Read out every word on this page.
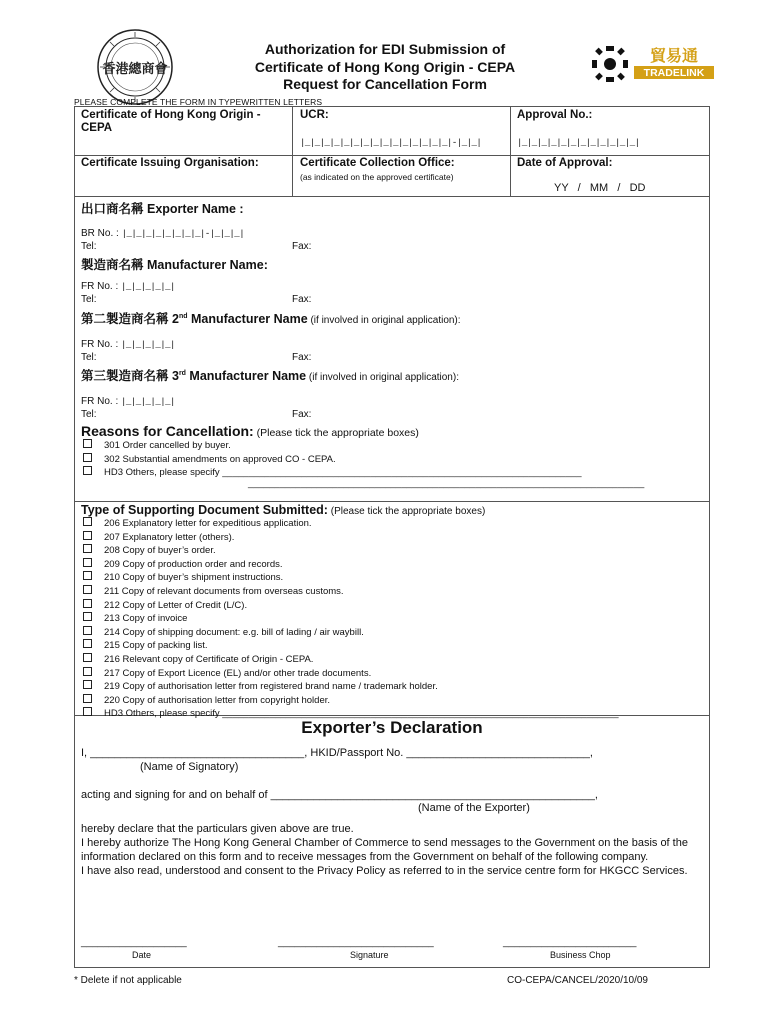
香港總商會
貿易通
TRADELINK
Authorization for EDI Submission of
Certificate of Hong Kong Origin - CEPA
Request for Cancellation Form
PLEASE COMPLETE THE FORM IN TYPEWRITTEN LETTERS
Certificate of Hong Kong Origin - CEPA
UCR:
|_|_|_|_|_|_|_|_|_|_|_|_|_|_|_|-|_|_|
Approval No.:
|_|_|_|_|_|_|_|_|_|_|_|_|
Certificate Issuing Organisation:	Certificate Collection Office:
(as indicated on the approved certificate)
Date of Approval:
YY   /   MM   /   DD
出口商名稱 Exporter Name :
BR No. : |_|_|_|_|_|_|_|_|-|_|_|_|
Tel:	Fax:
製造商名稱 Manufacturer Name:
FR No. : |_|_|_|_|_|
Tel:	Fax:
第二製造商名稱 2nd Manufacturer Name (if involved in original application):
FR No. : |_|_|_|_|_|
Tel:	Fax:
第三製造商名稱 3rd Manufacturer Name (if involved in original application):
FR No. : |_|_|_|_|_|
Tel:	Fax:
Reasons for Cancellation: (Please tick the appropriate boxes)
301 Order cancelled by buyer.
302 Substantial amendments on approved CO - CEPA.
HD3 Others, please specify ____________________________________________________________________
___________________________________________________________________________
Type of Supporting Document Submitted: (Please tick the appropriate boxes)
206 Explanatory letter for expeditious application.
207 Explanatory letter (others).
208 Copy of buyer’s order.
209 Copy of production order and records.
210 Copy of buyer’s shipment instructions.
211 Copy of relevant documents from overseas customs.
212 Copy of Letter of Credit (L/C).
213 Copy of invoice
214 Copy of shipping document: e.g. bill of lading / air waybill.
215 Copy of packing list.
216 Relevant copy of Certificate of Origin - CEPA.
217 Copy of Export Licence (EL) and/or other trade documents.
219 Copy of authorisation letter from registered brand name / trademark holder.
220 Copy of authorisation letter from copyright holder.
HD3 Others, please specify ___________________________________________________________________________
Exporter’s Declaration
I, ___________________________________, HKID/Passport No. ______________________________,
(Name of Signatory)
acting and signing for and on behalf of _____________________________________________________,
(Name of the Exporter)
hereby declare that the particulars given above are true.
I hereby authorize The Hong Kong General Chamber of Commerce to send messages to the Government on the basis of the information declared on this form and to receive messages from the Government on behalf of the following company.
I have also read, understood and consent to the Privacy Policy as referred to in the service centre form for HKGCC Services.
___________________
Date
____________________________
Signature
________________________
Business Chop
* Delete if not applicable	CO-CEPA/CANCEL/2020/10/09
